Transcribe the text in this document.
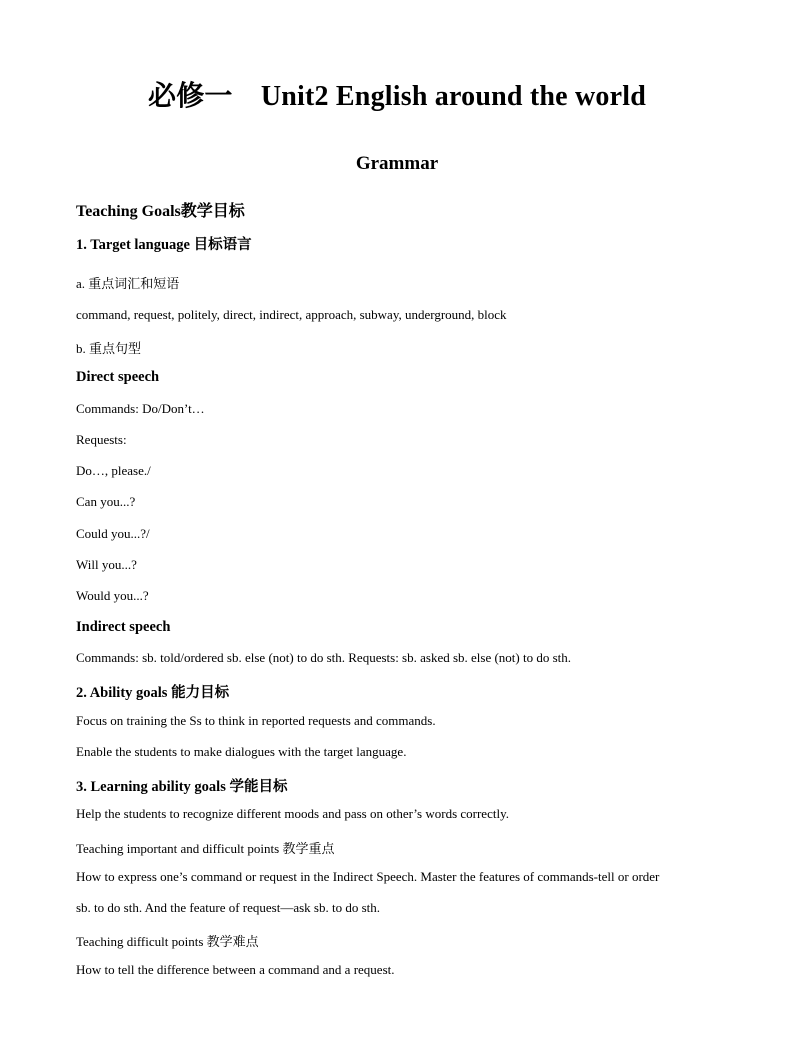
必修一　Unit2 English around the world
Grammar
Teaching Goals教学目标
1. Target language 目标语言
a. 重点词汇和短语
command, request, politely, direct, indirect, approach, subway, underground, block
b. 重点句型
Direct speech
Commands: Do/Don’t…
Requests:
Do…, please./
Can you...?
Could you...?/
Will you...?
Would you...?
Indirect speech
Commands: sb. told/ordered sb. else (not) to do sth. Requests: sb. asked sb. else (not) to do sth.
2. Ability goals 能力目标
Focus on training the Ss to think in reported requests and commands.
Enable the students to make dialogues with the target language.
3. Learning ability goals 学能目标
Help the students to recognize different moods and pass on other’s words correctly.
Teaching important and difficult points 教学重点
How to express one’s command or request in the Indirect Speech. Master the features of commands-tell or order
sb. to do sth. And the feature of request—ask sb. to do sth.
Teaching difficult points 教学难点
How to tell the difference between a command and a request.
